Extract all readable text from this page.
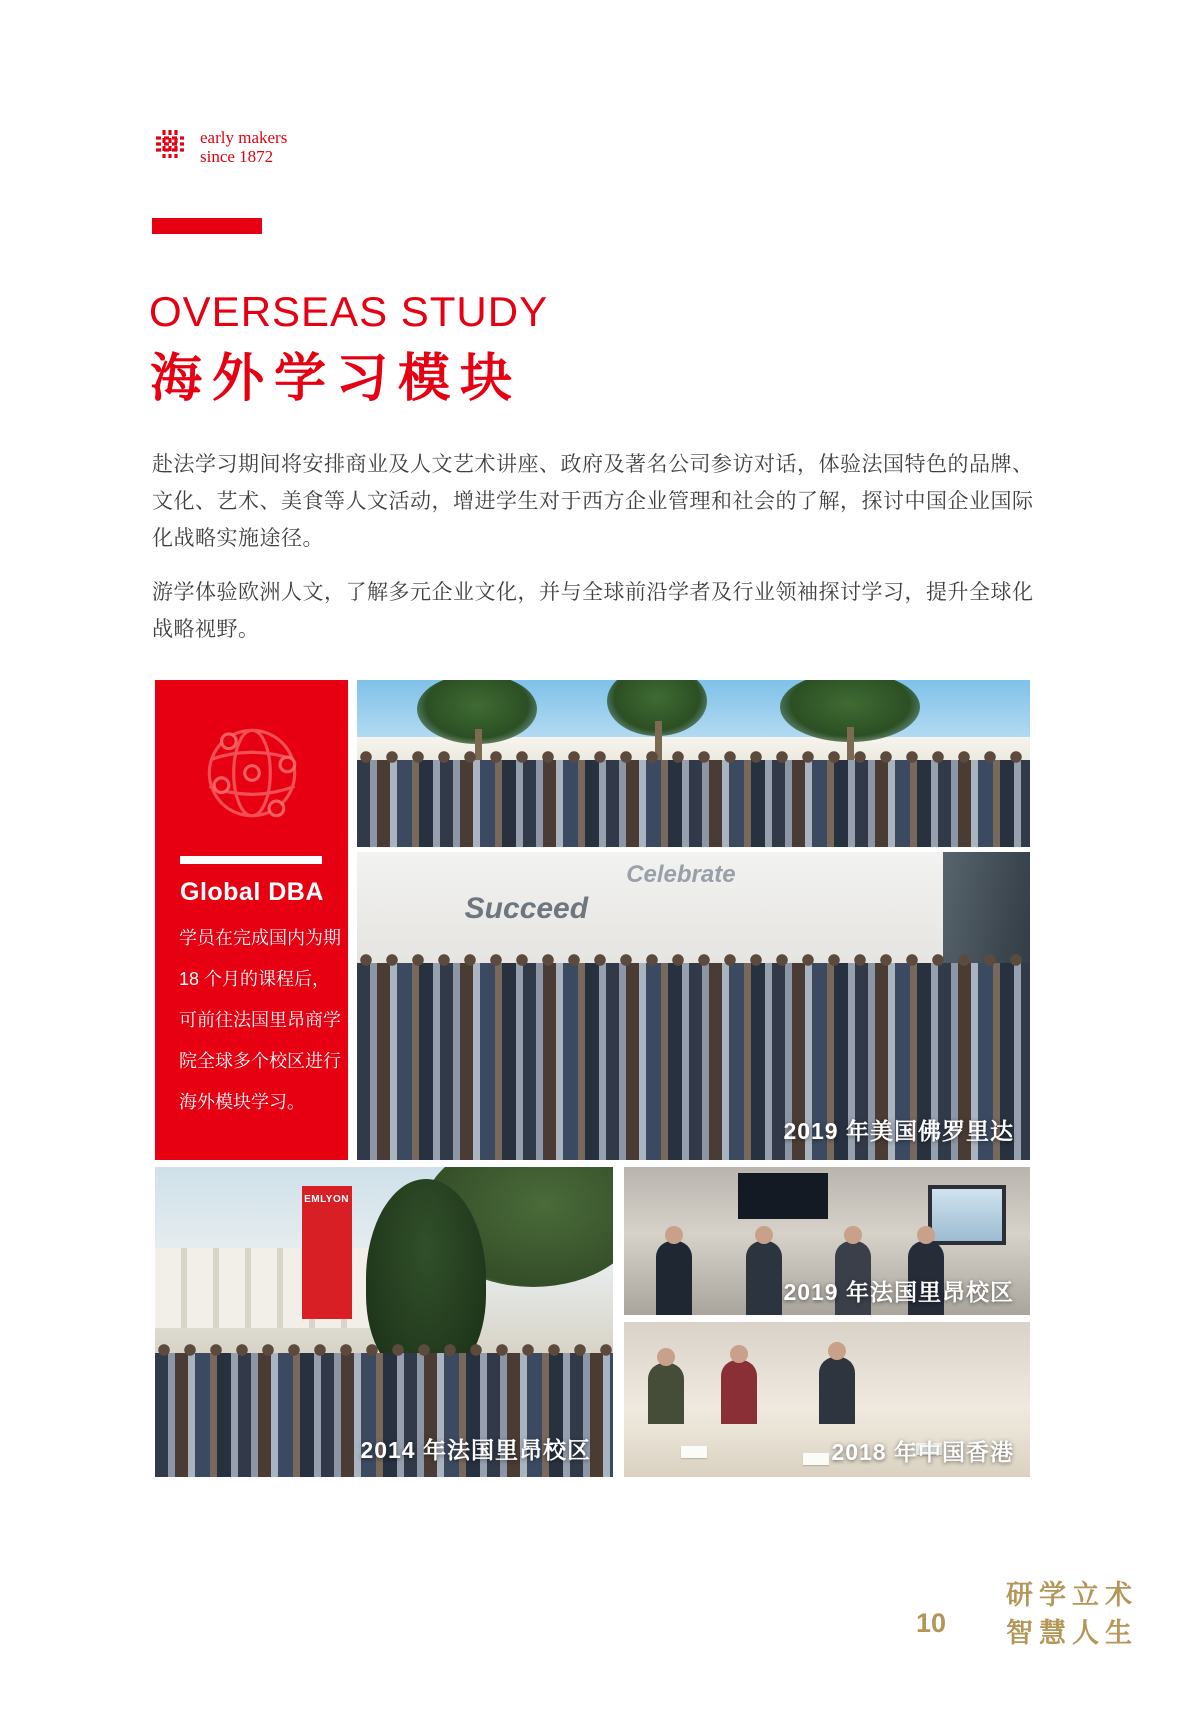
early makers
since 1872
OVERSEAS STUDY
海外学习模块

赴法学习期间将安排商业及人文艺术讲座、政府及著名公司参访对话，体验法国特色的品牌、文化、艺术、美食等人文活动，增进学生对于西方企业管理和社会的了解，探讨中国企业国际化战略实施途径。

游学体验欧洲人文，了解多元企业文化，并与全球前沿学者及行业领袖探讨学习，提升全球化战略视野。

Global DBA
学员在完成国内为期
18 个月的课程后，
可前往法国里昂商学
院全球多个校区进行
海外模块学习。
Succeed
Celebrate
2019 年美国佛罗里达
EMLYON
2014 年法国里昂校区
2019 年法国里昂校区
2018 年中国香港
10
研学立术
智慧人生
